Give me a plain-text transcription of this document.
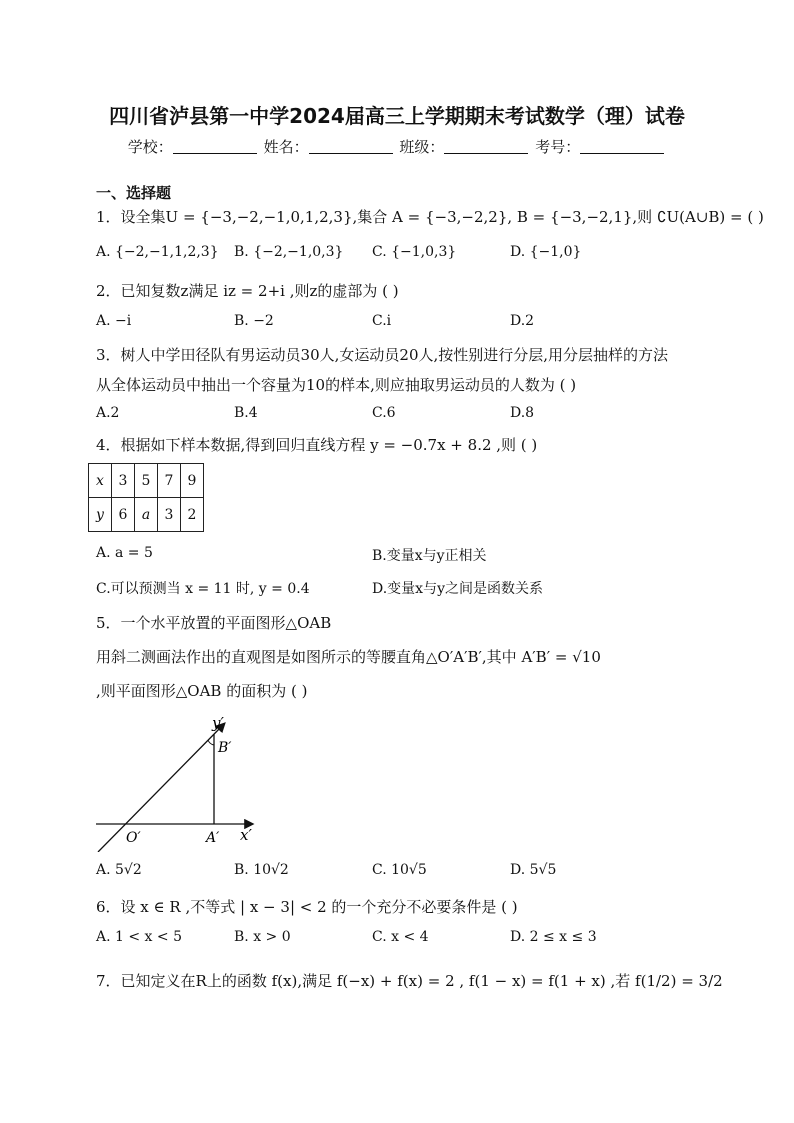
四川省泸县第一中学2024届高三上学期期末考试数学（理）试卷
学校：	姓名：	班级：	考号：
一、选择题
1．设全集U = {−3,−2,−1,0,1,2,3},集合 A = {−3,−2,2}, B = {−3,−2,1},则 ∁U(A∪B) = ( )
A. {−2,−1,1,2,3} B. {−2,−1,0,3} C. {−1,0,3}	D. {−1,0}
2．已知复数z满足 iz = 2+i ,则z的虚部为 ( )
A. −i	B. −2	C.i	D.2
3．树人中学田径队有男运动员30人,女运动员20人,按性别进行分层,用分层抽样的方法
从全体运动员中抽出一个容量为10的样本,则应抽取男运动员的人数为 ( )
A.2	B.4	C.6	D.8
4．根据如下样本数据,得到回归直线方程 y = −0.7x + 8.2 ,则 ( )
x	3	5	7	9
y	6	a	3	2
A. a = 5	B.变量x与y正相关
C.可以预测当 x = 11 时, y = 0.4	D.变量x与y之间是函数关系
5．一个水平放置的平面图形△OAB
用斜二测画法作出的直观图是如图所示的等腰直角△O′A′B′,其中 A′B′ = √10
,则平面图形△OAB 的面积为 ( )
y′
B′
O′	A′ x′
A. 5√2	B. 10√2	C. 10√5	D. 5√5
6．设 x ∈ R ,不等式 | x − 3| < 2 的一个充分不必要条件是 ( )
A. 1 < x < 5	B. x > 0	C. x < 4	D. 2 ≤ x ≤ 3
7．已知定义在R上的函数 f(x),满足 f(−x) + f(x) = 2 , f(1 − x) = f(1 + x) ,若 f(1/2) = 3/2
